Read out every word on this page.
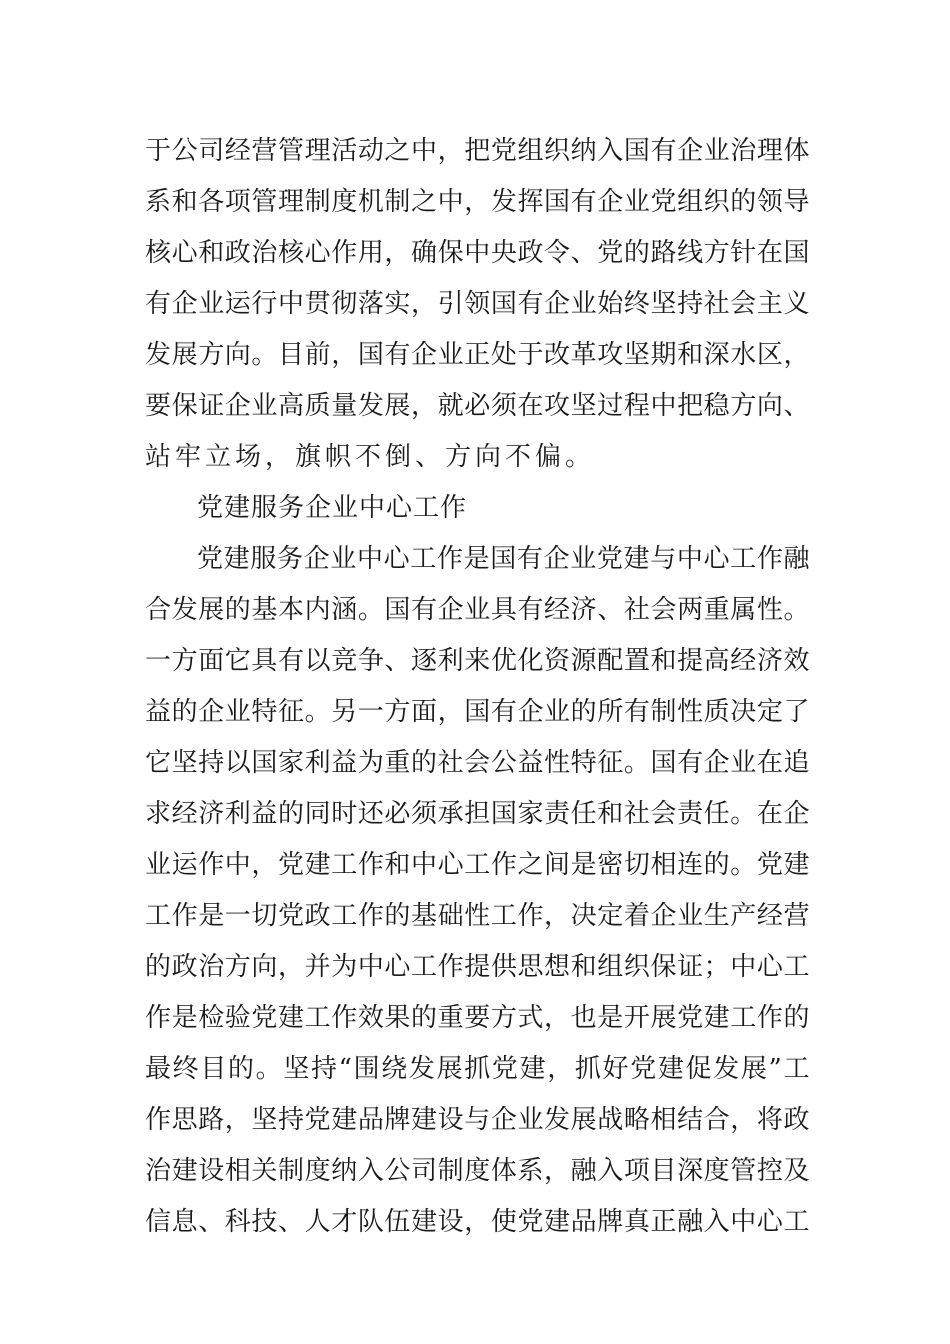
于公司经营管理活动之中，把党组织纳入国有企业治理体
系和各项管理制度机制之中，发挥国有企业党组织的领导
核心和政治核心作用，确保中央政令、党的路线方针在国
有企业运行中贯彻落实，引领国有企业始终坚持社会主义
发展方向。目前，国有企业正处于改革攻坚期和深水区，
要保证企业高质量发展，就必须在攻坚过程中把稳方向、
站牢立场，旗帜不倒、方向不偏。
党建服务企业中心工作
党建服务企业中心工作是国有企业党建与中心工作融
合发展的基本内涵。国有企业具有经济、社会两重属性。
一方面它具有以竞争、逐利来优化资源配置和提高经济效
益的企业特征。另一方面，国有企业的所有制性质决定了
它坚持以国家利益为重的社会公益性特征。国有企业在追
求经济利益的同时还必须承担国家责任和社会责任。在企
业运作中，党建工作和中心工作之间是密切相连的。党建
工作是一切党政工作的基础性工作，决定着企业生产经营
的政治方向，并为中心工作提供思想和组织保证；中心工
作是检验党建工作效果的重要方式，也是开展党建工作的
最终目的。坚持“围绕发展抓党建，抓好党建促发展”工
作思路，坚持党建品牌建设与企业发展战略相结合，将政
治建设相关制度纳入公司制度体系，融入项目深度管控及
信息、科技、人才队伍建设，使党建品牌真正融入中心工
